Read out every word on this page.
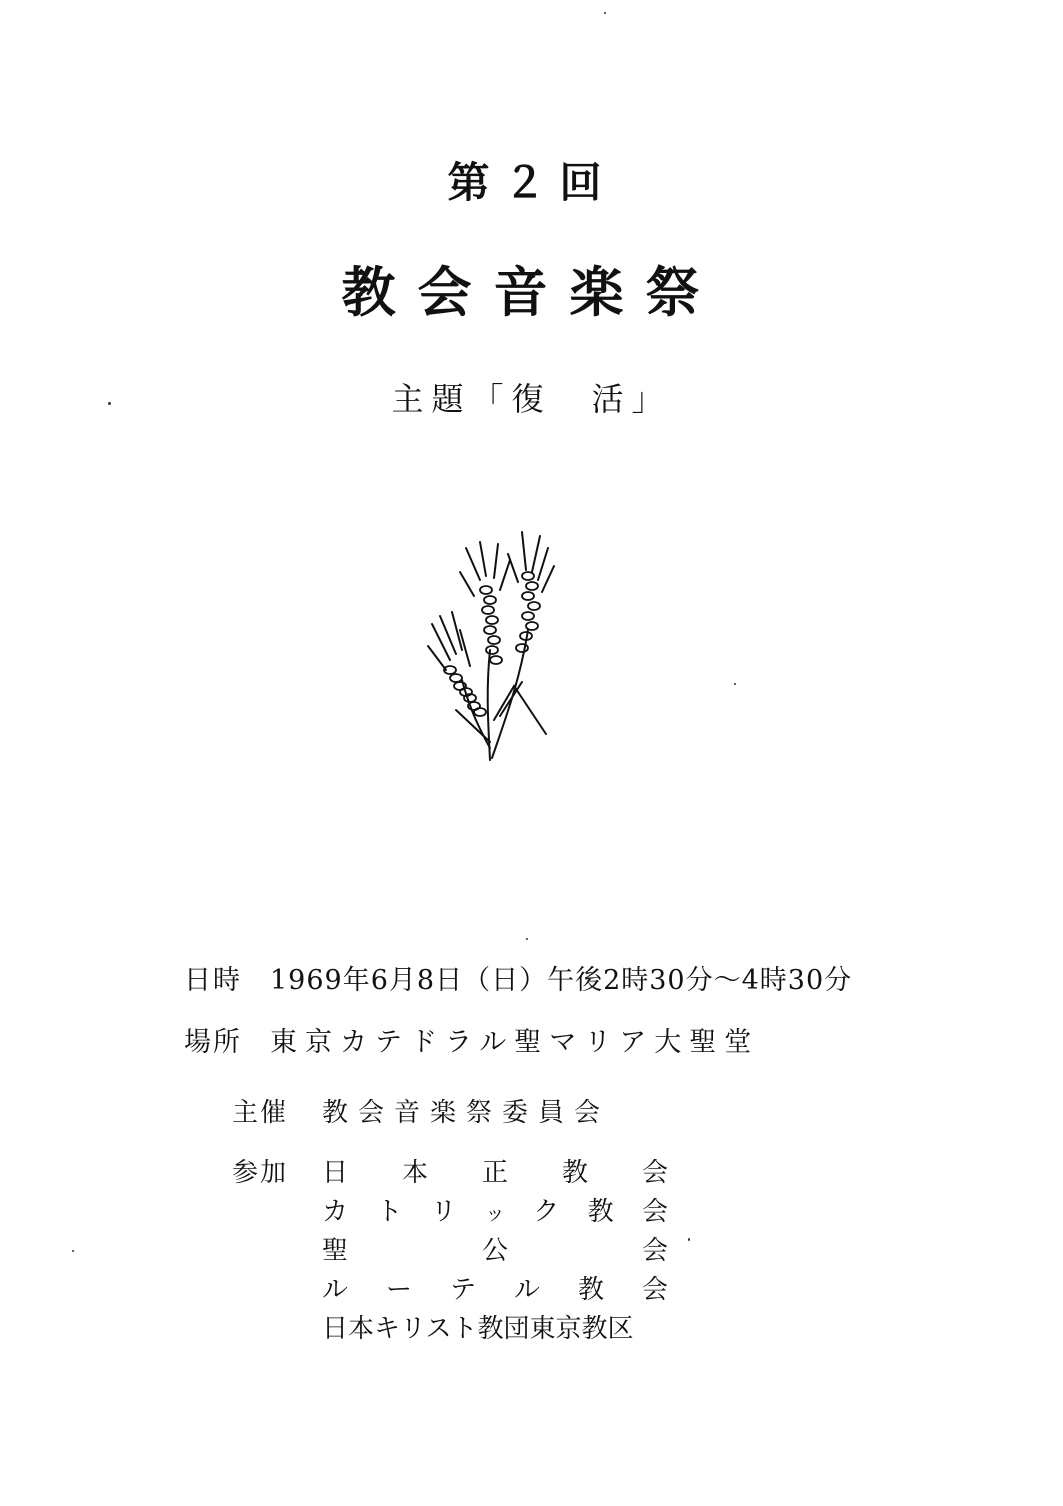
第２回
教会音楽祭
主題「復　活」
日時 1969年6月8日（日）午後2時30分〜4時30分
場所 東京カテドラル聖マリア大聖堂
主催 教会音楽祭委員会
参加 日 本 正 教 会
カ ト リ ッ ク 教 会
聖	公	会
ル ー テ ル 教 会
日本キリスト教団東京教区
